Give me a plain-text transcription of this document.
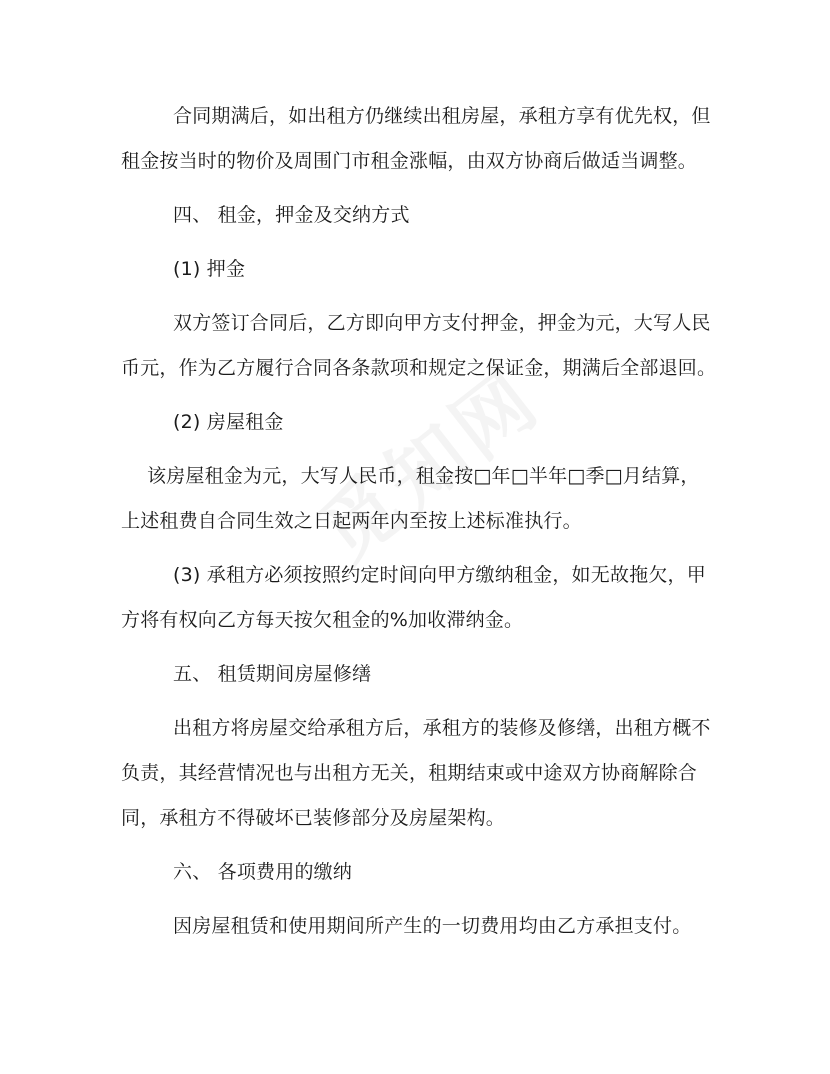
合同期满后，如出租方仍继续出租房屋，承租方享有优先权，但
租金按当时的物价及周围门市租金涨幅，由双方协商后做适当调整。
四、 租金，押金及交纳方式
(1) 押金
双方签订合同后，乙方即向甲方支付押金，押金为元，大写人民
币元，作为乙方履行合同各条款项和规定之保证金，期满后全部退回。
(2) 房屋租金
该房屋租金为元，大写人民币，租金按□年□半年□季□月结算，
上述租费自合同生效之日起两年内至按上述标准执行。
(3) 承租方必须按照约定时间向甲方缴纳租金，如无故拖欠，甲
方将有权向乙方每天按欠租金的%加收滞纳金。
五、 租赁期间房屋修缮
出租方将房屋交给承租方后，承租方的装修及修缮，出租方概不
负责，其经营情况也与出租方无关，租期结束或中途双方协商解除合
同，承租方不得破坏已装修部分及房屋架构。
六、 各项费用的缴纳
因房屋租赁和使用期间所产生的一切费用均由乙方承担支付。
